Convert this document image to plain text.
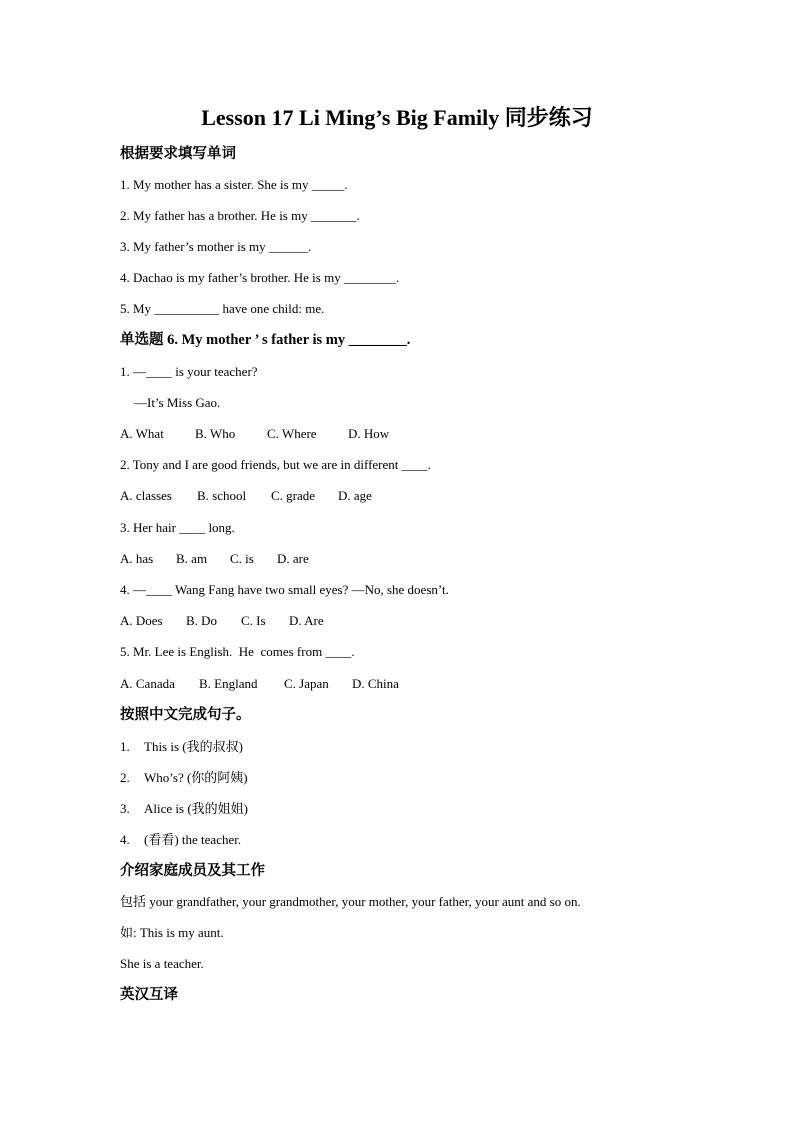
Lesson 17 Li Ming’s Big Family 同步练习
根据要求填写单词
1. My mother has a sister. She is my _____.
2. My father has a brother. He is my _______.
3. My father’s mother is my ______.
4. Dachao is my father’s brother. He is my ________.
5. My __________ have one child: me.
单选题 6. My mother ’ s father is my ________.
1. —____ is your teacher?
—It’s Miss Gao.
A. What B. Who C. Where D. How
2. Tony and I are good friends, but we are in different ____.
A. classes B. school C. grade D. age
3. Her hair ____ long.
A. has B. am C. is D. are
4. —____ Wang Fang have two small eyes? —No, she doesn’t.
A. Does B. Do C. Is D. Are
5. Mr. Lee is English.  He  comes from ____.
A. Canada B. England C. Japan D. China
按照中文完成句子。
1. This is (我的叔叔)
2. Who’s? (你的阿姨)
3. Alice is (我的姐姐)
4. (看看) the teacher.
介绍家庭成员及其工作
包括 your grandfather, your grandmother, your mother, your father, your aunt and so on.
如: This is my aunt.
She is a teacher.
英汉互译
